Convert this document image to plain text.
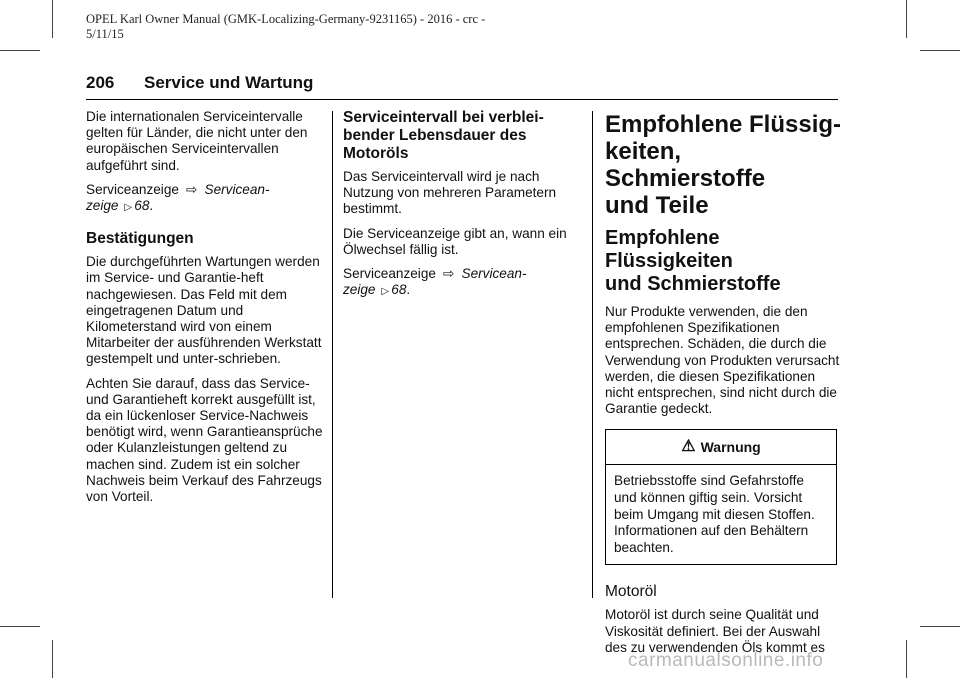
OPEL Karl Owner Manual (GMK-Localizing-Germany-9231165) - 2016 - crc -
5/11/15
206 Service und Wartung

Die internationalen Serviceintervalle gelten für Länder, die nicht unter den europäischen Serviceintervallen aufgeführt sind.

Serviceanzeige ⇨ Servicean-
zeige ▷ 68.

Bestätigungen

Die durchgeführten Wartungen werden im Service- und Garantie-heft nachgewiesen. Das Feld mit dem eingetragenen Datum und Kilometerstand wird von einem Mitarbeiter der ausführenden Werkstatt gestempelt und unter-schrieben.

Achten Sie darauf, dass das Service- und Garantieheft korrekt ausgefüllt ist, da ein lückenloser Service-Nachweis benötigt wird, wenn Garantieansprüche oder Kulanzleistungen geltend zu machen sind. Zudem ist ein solcher Nachweis beim Verkauf des Fahrzeugs von Vorteil.

Serviceintervall bei verblei-
bender Lebensdauer des
Motoröls

Das Serviceintervall wird je nach Nutzung von mehreren Parametern bestimmt.

Die Serviceanzeige gibt an, wann ein Ölwechsel fällig ist.

Serviceanzeige ⇨ Servicean-
zeige ▷ 68.

Empfohlene Flüssig-
keiten, Schmierstoffe
und Teile
Empfohlene Flüssigkeiten
und Schmierstoffe

Nur Produkte verwenden, die den empfohlenen Spezifikationen entsprechen. Schäden, die durch die Verwendung von Produkten verursacht werden, die diesen Spezifikationen nicht entsprechen, sind nicht durch die Garantie gedeckt.

⚠ Warnung
Betriebsstoffe sind Gefahrstoffe und können giftig sein. Vorsicht beim Umgang mit diesen Stoffen. Informationen auf den Behältern beachten.
Motoröl

Motoröl ist durch seine Qualität und Viskosität definiert. Bei der Auswahl des zu verwendenden Öls kommt es

carmanualsonline.info
